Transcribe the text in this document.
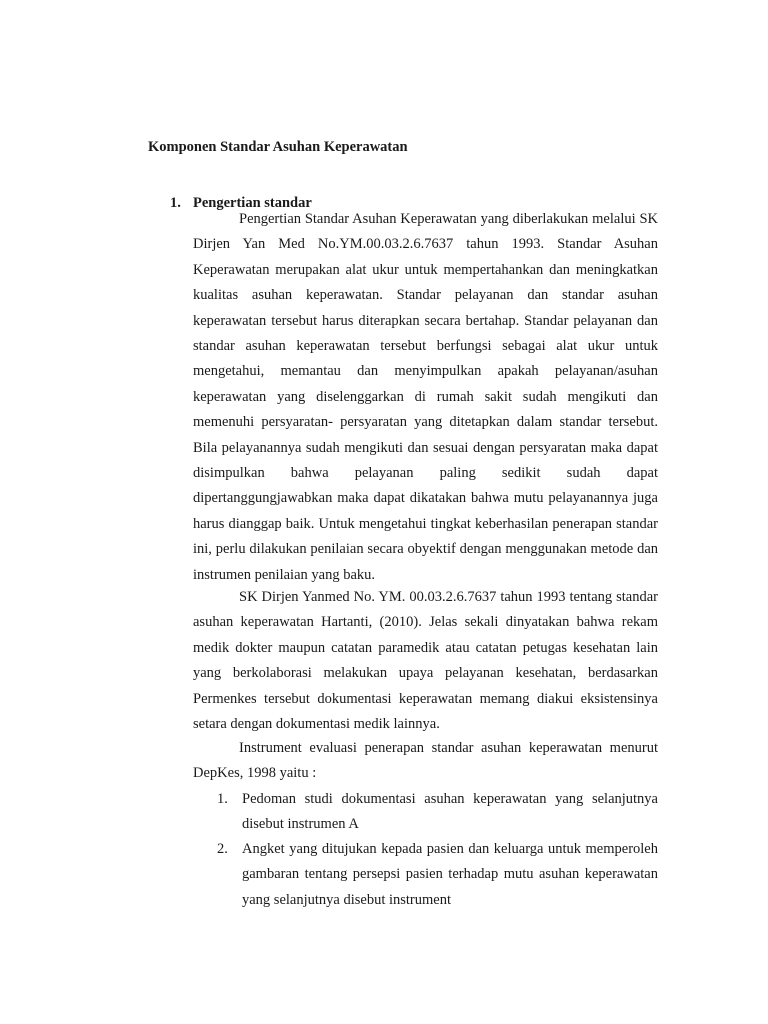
Komponen Standar Asuhan Keperawatan
1. Pengertian standar

Pengertian Standar Asuhan Keperawatan yang diberlakukan melalui SK Dirjen Yan Med No.YM.00.03.2.6.7637 tahun 1993. Standar Asuhan Keperawatan merupakan alat ukur untuk mempertahankan dan meningkatkan kualitas asuhan keperawatan. Standar pelayanan dan standar asuhan keperawatan tersebut harus diterapkan secara bertahap. Standar pelayanan dan standar asuhan keperawatan tersebut berfungsi sebagai alat ukur untuk mengetahui, memantau dan menyimpulkan apakah pelayanan/asuhan keperawatan yang diselenggarkan di rumah sakit sudah mengikuti dan memenuhi persyaratan- persyaratan yang ditetapkan dalam standar tersebut. Bila pelayanannya sudah mengikuti dan sesuai dengan persyaratan maka dapat disimpulkan bahwa pelayanan paling sedikit sudah dapat dipertanggungjawabkan maka dapat dikatakan bahwa mutu pelayanannya juga harus dianggap baik. Untuk mengetahui tingkat keberhasilan penerapan standar ini, perlu dilakukan penilaian secara obyektif dengan menggunakan metode dan instrumen penilaian yang baku.

SK Dirjen Yanmed No. YM. 00.03.2.6.7637 tahun 1993 tentang standar asuhan keperawatan Hartanti, (2010). Jelas sekali dinyatakan bahwa rekam medik dokter maupun catatan paramedik atau catatan petugas kesehatan lain yang berkolaborasi melakukan upaya pelayanan kesehatan, berdasarkan Permenkes tersebut dokumentasi keperawatan memang diakui eksistensinya setara dengan dokumentasi medik lainnya.

Instrument evaluasi penerapan standar asuhan keperawatan menurut DepKes, 1998 yaitu :

1. Pedoman studi dokumentasi asuhan keperawatan yang selanjutnya disebut instrumen A
2. Angket yang ditujukan kepada pasien dan keluarga untuk memperoleh gambaran tentang persepsi pasien terhadap mutu asuhan keperawatan yang selanjutnya disebut instrument
